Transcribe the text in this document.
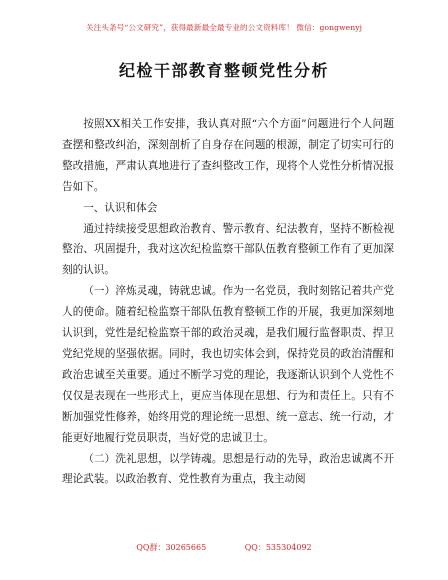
关注头条号“公文研究”，获得最新最全最专业的公文资料库！ 微信：gongwenyj
纪检干部教育整顿党性分析

按照XX相关工作安排，我认真对照“六个方面”问题进行个人问题查摆和整改纠治，深刻剖析了自身存在问题的根源，制定了切实可行的整改措施，严肃认真地进行了查纠整改工作，现将个人党性分析情况报告如下。

一、认识和体会

通过持续接受思想政治教育、警示教育、纪法教育，坚持不断检视整治、巩固提升，我对这次纪检监察干部队伍教育整顿工作有了更加深刻的认识。

（一）淬炼灵魂，铸就忠诚。作为一名党员，我时刻铭记着共产党人的使命。随着纪检监察干部队伍教育整顿工作的开展，我更加深刻地认识到，党性是纪检监察干部的政治灵魂，是我们履行监督职责、捍卫党纪党规的坚强依据。同时，我也切实体会到，保持党员的政治清醒和政治忠诚至关重要。通过不断学习党的理论，我逐渐认识到个人党性不仅仅是表现在一些形式上，更应当体现在思想、行为和责任上。只有不断加强党性修养，始终用党的理论统一思想、统一意志、统一行动，才能更好地履行党员职责，当好党的忠诚卫士。

（二）洗礼思想，以学铸魂。思想是行动的先导，政治忠诚离不开理论武装。以政治教育、党性教育为重点，我主动阅

QQ群：30265665	QQ：535304092
